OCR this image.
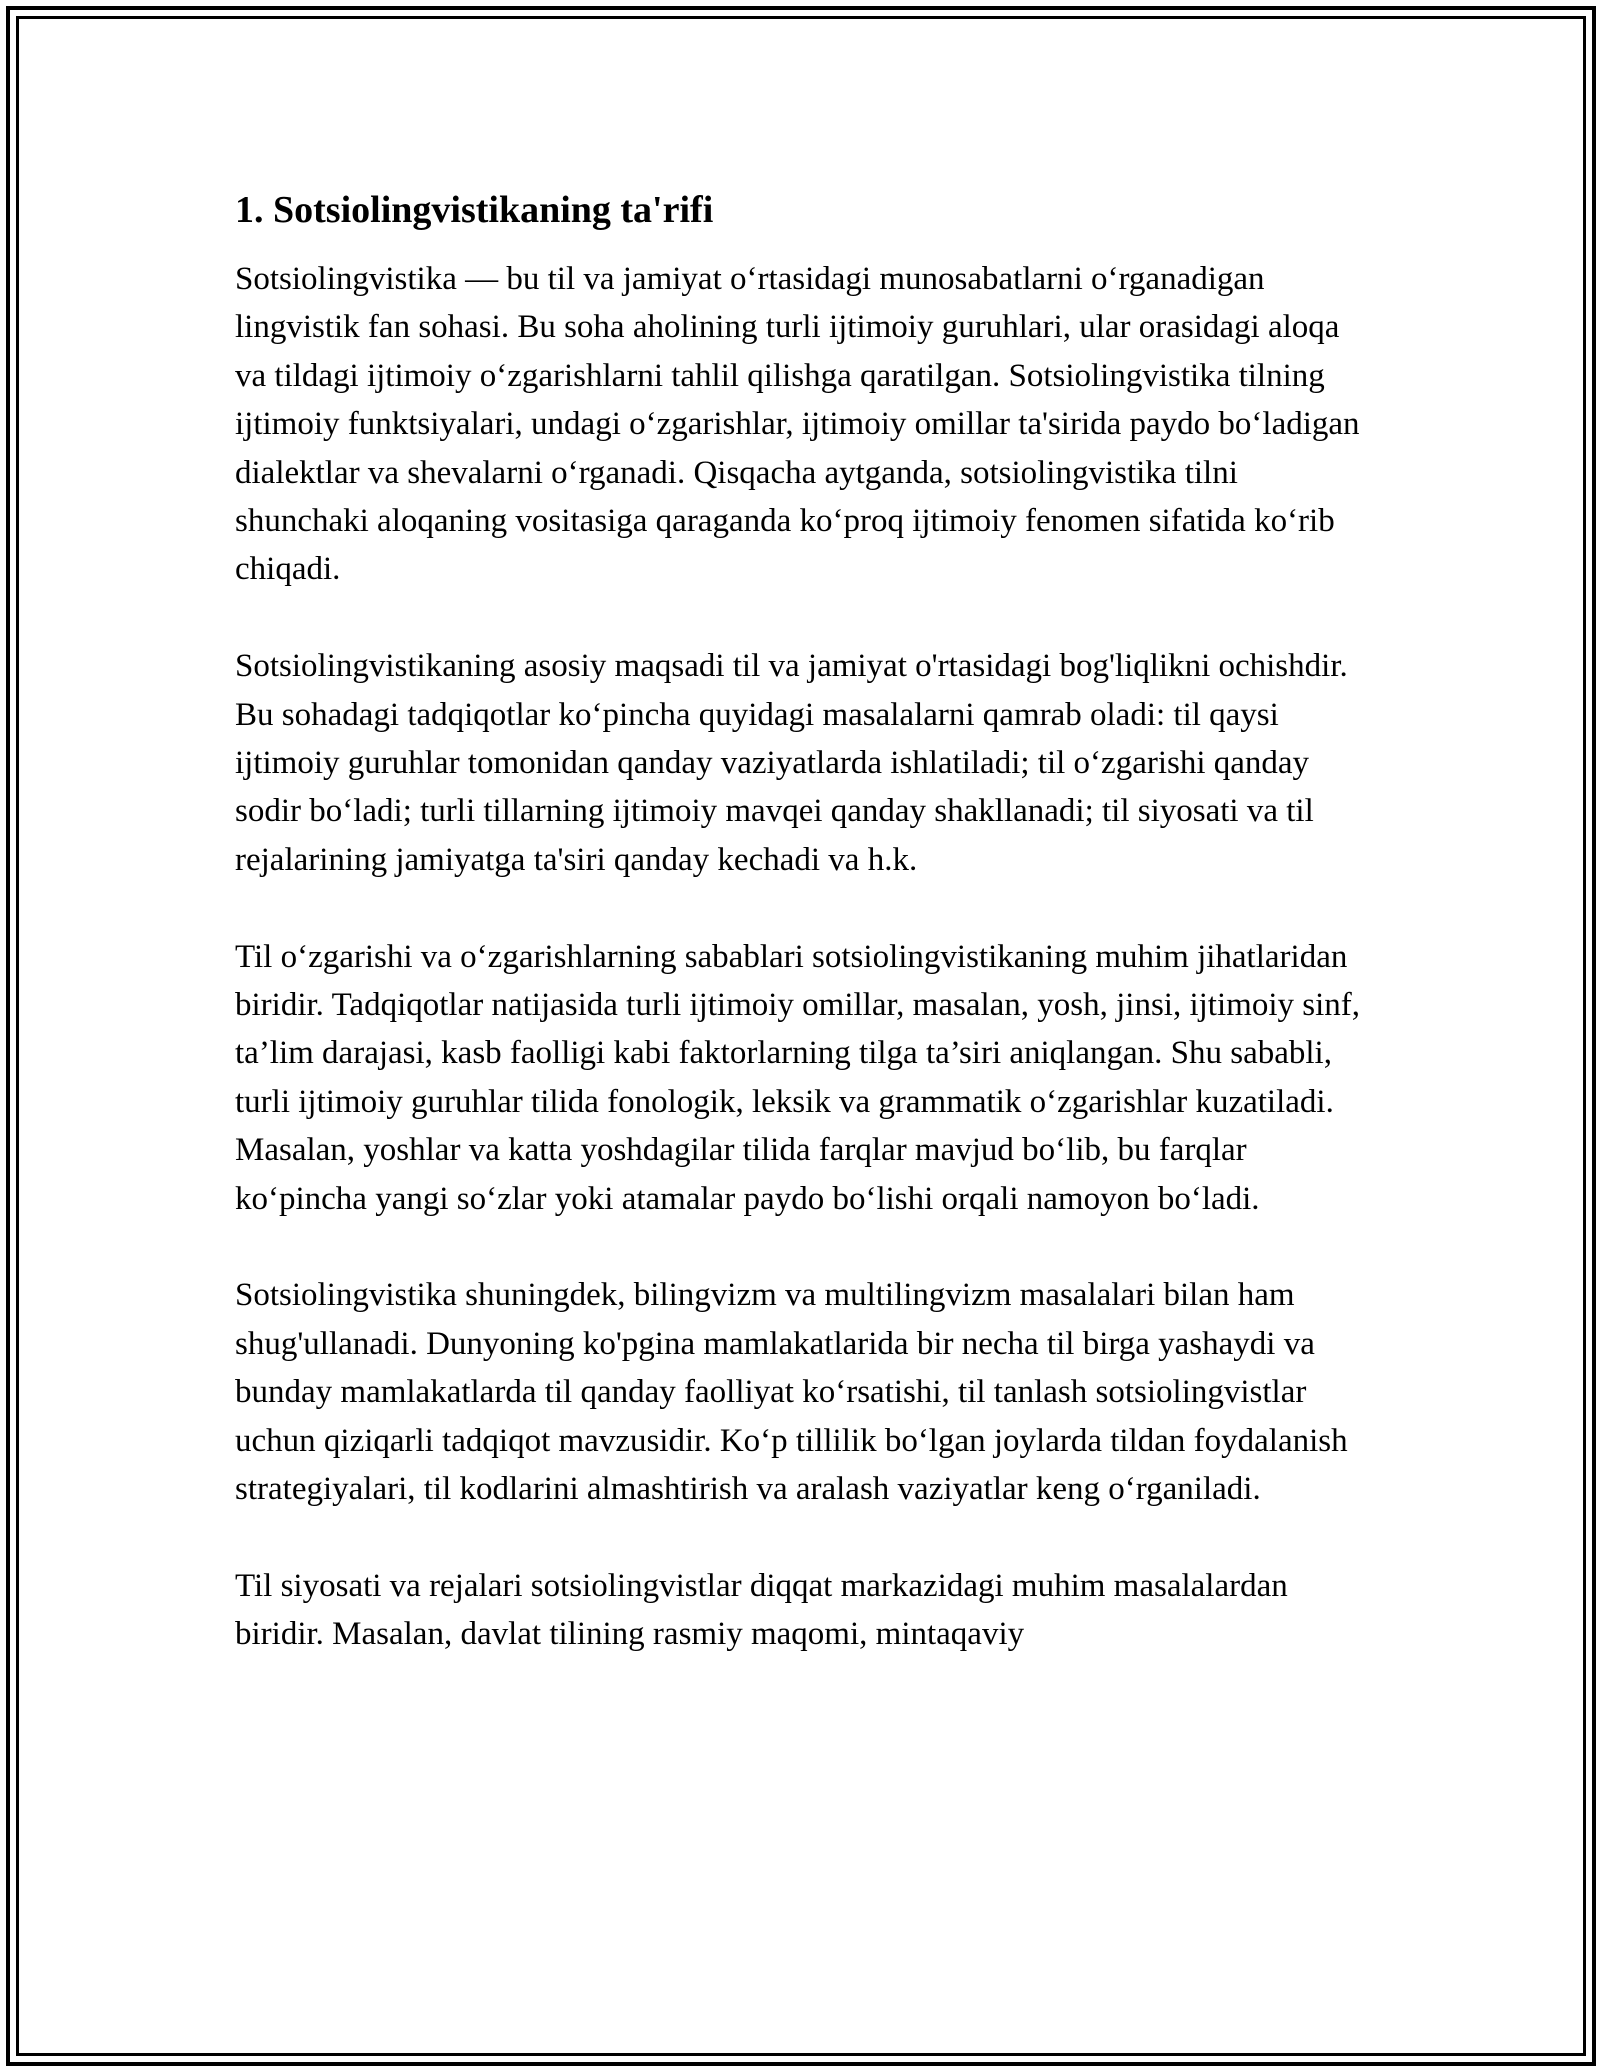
1. Sotsiolingvistikaning ta'rifi

Sotsiolingvistika — bu til va jamiyat o‘rtasidagi munosabatlarni o‘rganadigan lingvistik fan sohasi. Bu soha aholining turli ijtimoiy guruhlari, ular orasidagi aloqa va tildagi ijtimoiy o‘zgarishlarni tahlil qilishga qaratilgan. Sotsiolingvistika tilning ijtimoiy funktsiyalari, undagi o‘zgarishlar, ijtimoiy omillar ta'sirida paydo bo‘ladigan dialektlar va shevalarni o‘rganadi. Qisqacha aytganda, sotsiolingvistika tilni shunchaki aloqaning vositasiga qaraganda ko‘proq ijtimoiy fenomen sifatida ko‘rib chiqadi.

Sotsiolingvistikaning asosiy maqsadi til va jamiyat o'rtasidagi bog'liqlikni ochishdir. Bu sohadagi tadqiqotlar ko‘pincha quyidagi masalalarni qamrab oladi: til qaysi ijtimoiy guruhlar tomonidan qanday vaziyatlarda ishlatiladi; til o‘zgarishi qanday sodir bo‘ladi; turli tillarning ijtimoiy mavqei qanday shakllanadi; til siyosati va til rejalarining jamiyatga ta'siri qanday kechadi va h.k.

Til o‘zgarishi va o‘zgarishlarning sabablari sotsiolingvistikaning muhim jihatlaridan biridir. Tadqiqotlar natijasida turli ijtimoiy omillar, masalan, yosh, jinsi, ijtimoiy sinf, ta’lim darajasi, kasb faolligi kabi faktorlarning tilga ta’siri aniqlangan. Shu sababli, turli ijtimoiy guruhlar tilida fonologik, leksik va grammatik o‘zgarishlar kuzatiladi. Masalan, yoshlar va katta yoshdagilar tilida farqlar mavjud bo‘lib, bu farqlar ko‘pincha yangi so‘zlar yoki atamalar paydo bo‘lishi orqali namoyon bo‘ladi.

Sotsiolingvistika shuningdek, bilingvizm va multilingvizm masalalari bilan ham shug'ullanadi. Dunyoning ko'pgina mamlakatlarida bir necha til birga yashaydi va bunday mamlakatlarda til qanday faolliyat ko‘rsatishi, til tanlash sotsiolingvistlar uchun qiziqarli tadqiqot mavzusidir. Ko‘p tillilik bo‘lgan joylarda tildan foydalanish strategiyalari, til kodlarini almashtirish va aralash vaziyatlar keng o‘rganiladi.

Til siyosati va rejalari sotsiolingvistlar diqqat markazidagi muhim masalalardan biridir. Masalan, davlat tilining rasmiy maqomi, mintaqaviy
